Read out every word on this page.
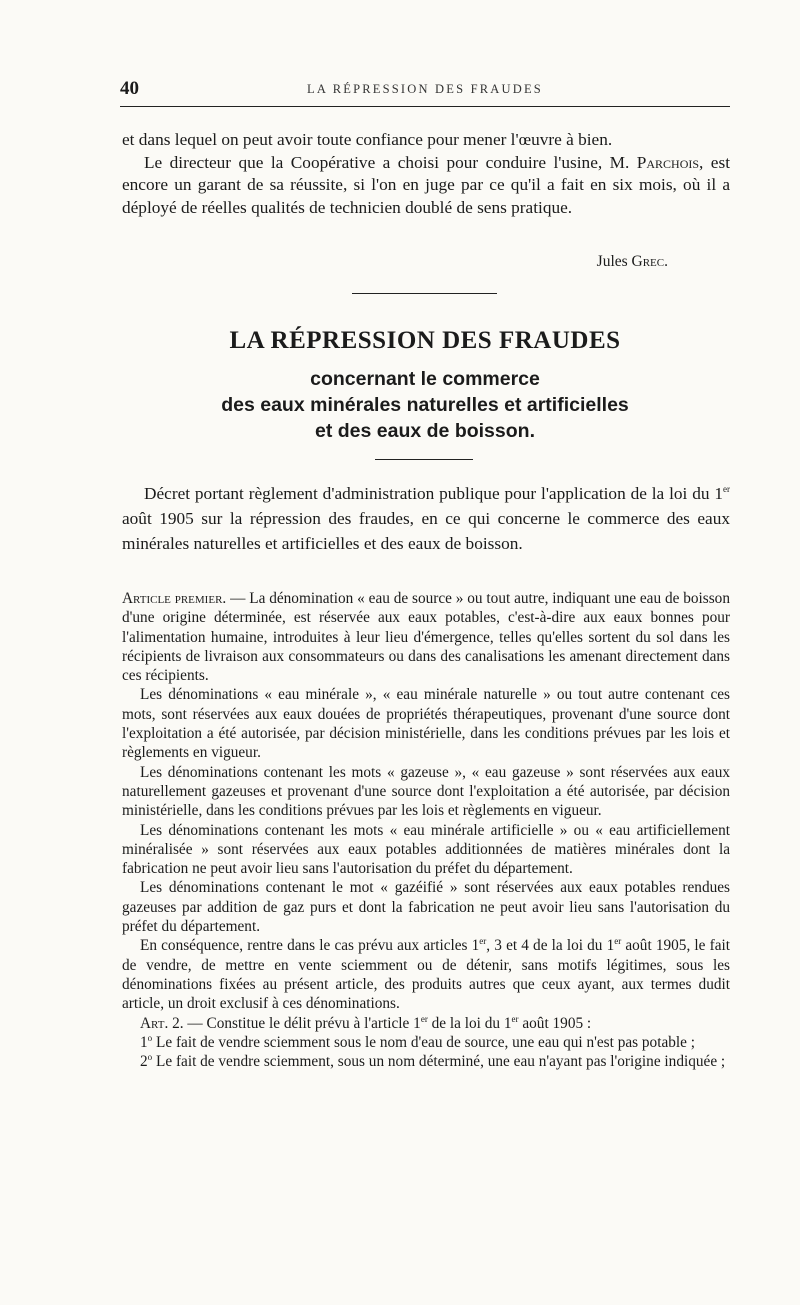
40	LA RÉPRESSION DES FRAUDES

et dans lequel on peut avoir toute confiance pour mener l'œuvre à bien.

Le directeur que la Coopérative a choisi pour conduire l'usine, M. Parchois, est encore un garant de sa réussite, si l'on en juge par ce qu'il a fait en six mois, où il a déployé de réelles qualités de technicien doublé de sens pratique.

Jules Grec.
LA RÉPRESSION DES FRAUDES
concernant le commerce
des eaux minérales naturelles et artificielles
et des eaux de boisson.

Décret portant règlement d'administration publique pour l'application de la loi du 1er août 1905 sur la répression des fraudes, en ce qui concerne le commerce des eaux minérales naturelles et artificielles et des eaux de boisson.

Article premier. — La dénomination « eau de source » ou tout autre, indiquant une eau de boisson d'une origine déterminée, est réservée aux eaux potables, c'est-à-dire aux eaux bonnes pour l'alimentation humaine, introduites à leur lieu d'émergence, telles qu'elles sortent du sol dans les récipients de livraison aux consommateurs ou dans des canalisations les amenant directement dans ces récipients.

Les dénominations « eau minérale », « eau minérale naturelle » ou tout autre contenant ces mots, sont réservées aux eaux douées de propriétés thérapeutiques, provenant d'une source dont l'exploitation a été autorisée, par décision ministérielle, dans les conditions prévues par les lois et règlements en vigueur.

Les dénominations contenant les mots « gazeuse », « eau gazeuse » sont réservées aux eaux naturellement gazeuses et provenant d'une source dont l'exploitation a été autorisée, par décision ministérielle, dans les conditions prévues par les lois et règlements en vigueur.

Les dénominations contenant les mots « eau minérale artificielle » ou « eau artificiellement minéralisée » sont réservées aux eaux potables additionnées de matières minérales dont la fabrication ne peut avoir lieu sans l'autorisation du préfet du département.

Les dénominations contenant le mot « gazéifié » sont réservées aux eaux potables rendues gazeuses par addition de gaz purs et dont la fabrication ne peut avoir lieu sans l'autorisation du préfet du département.

En conséquence, rentre dans le cas prévu aux articles 1er, 3 et 4 de la loi du 1er août 1905, le fait de vendre, de mettre en vente sciemment ou de détenir, sans motifs légitimes, sous les dénominations fixées au présent article, des produits autres que ceux ayant, aux termes dudit article, un droit exclusif à ces dénominations.

Art. 2. — Constitue le délit prévu à l'article 1er de la loi du 1er août 1905 :

1$^o$ Le fait de vendre sciemment sous le nom d'eau de source, une eau qui n'est pas potable ;

2$^o$ Le fait de vendre sciemment, sous un nom déterminé, une eau n'ayant pas l'origine indiquée ;
